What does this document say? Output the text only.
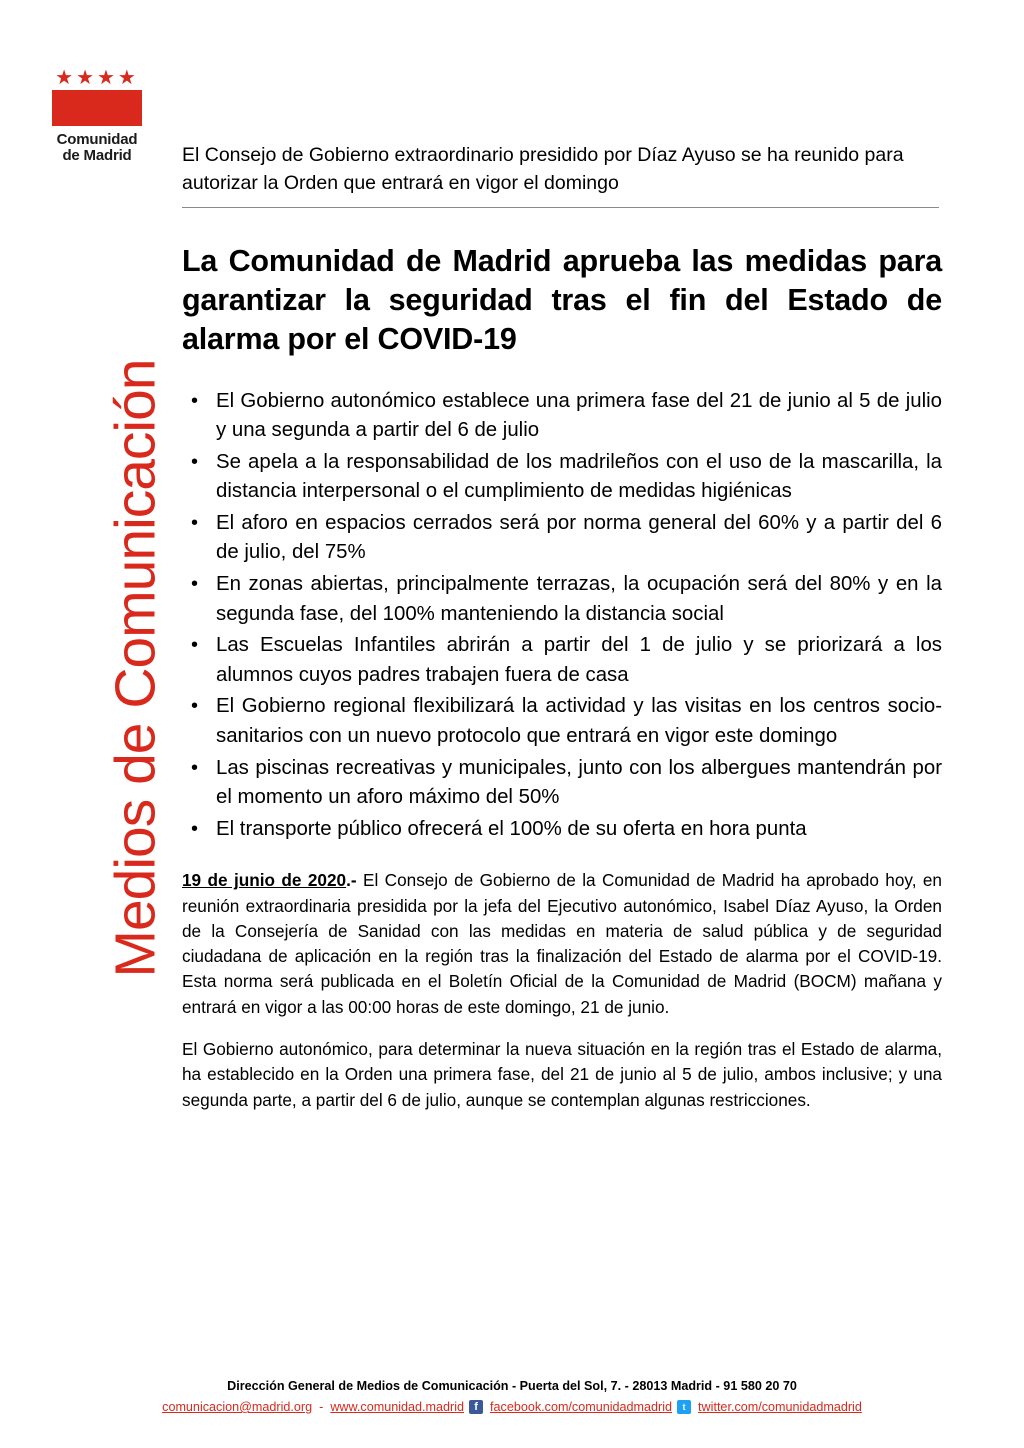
★★★★
Comunidad
de Madrid
Medios de Comunicación
El Consejo de Gobierno extraordinario presidido por Díaz Ayuso se ha reunido para autorizar la Orden que entrará en vigor el domingo
La Comunidad de Madrid aprueba las medidas para garantizar la seguridad tras el fin del Estado de alarma por el COVID-19
• El Gobierno autonómico establece una primera fase del 21 de junio al 5 de julio y una segunda a partir del 6 de julio
• Se apela a la responsabilidad de los madrileños con el uso de la mascarilla, la distancia interpersonal o el cumplimiento de medidas higiénicas
• El aforo en espacios cerrados será por norma general del 60% y a partir del 6 de julio, del 75%
• En zonas abiertas, principalmente terrazas, la ocupación será del 80% y en la segunda fase, del 100% manteniendo la distancia social
• Las Escuelas Infantiles abrirán a partir del 1 de julio y se priorizará a los alumnos cuyos padres trabajen fuera de casa
• El Gobierno regional flexibilizará la actividad y las visitas en los centros socio-sanitarios con un nuevo protocolo que entrará en vigor este domingo
• Las piscinas recreativas y municipales, junto con los albergues mantendrán por el momento un aforo máximo del 50%
• El transporte público ofrecerá el 100% de su oferta en hora punta

19 de junio de 2020.- El Consejo de Gobierno de la Comunidad de Madrid ha aprobado hoy, en reunión extraordinaria presidida por la jefa del Ejecutivo autonómico, Isabel Díaz Ayuso, la Orden de la Consejería de Sanidad con las medidas en materia de salud pública y de seguridad ciudadana de aplicación en la región tras la finalización del Estado de alarma por el COVID-19. Esta norma será publicada en el Boletín Oficial de la Comunidad de Madrid (BOCM) mañana y entrará en vigor a las 00:00 horas de este domingo, 21 de junio.

El Gobierno autonómico, para determinar la nueva situación en la región tras el Estado de alarma, ha establecido en la Orden una primera fase, del 21 de junio al 5 de julio, ambos inclusive; y una segunda parte, a partir del 6 de julio, aunque se contemplan algunas restricciones.

Dirección General de Medios de Comunicación - Puerta del Sol, 7. - 28013 Madrid - 91 580 20 70
comunicacion@madrid.org - www.comunidad.madrid f facebook.com/comunidadmadrid	t twitter.com/comunidadmadrid
